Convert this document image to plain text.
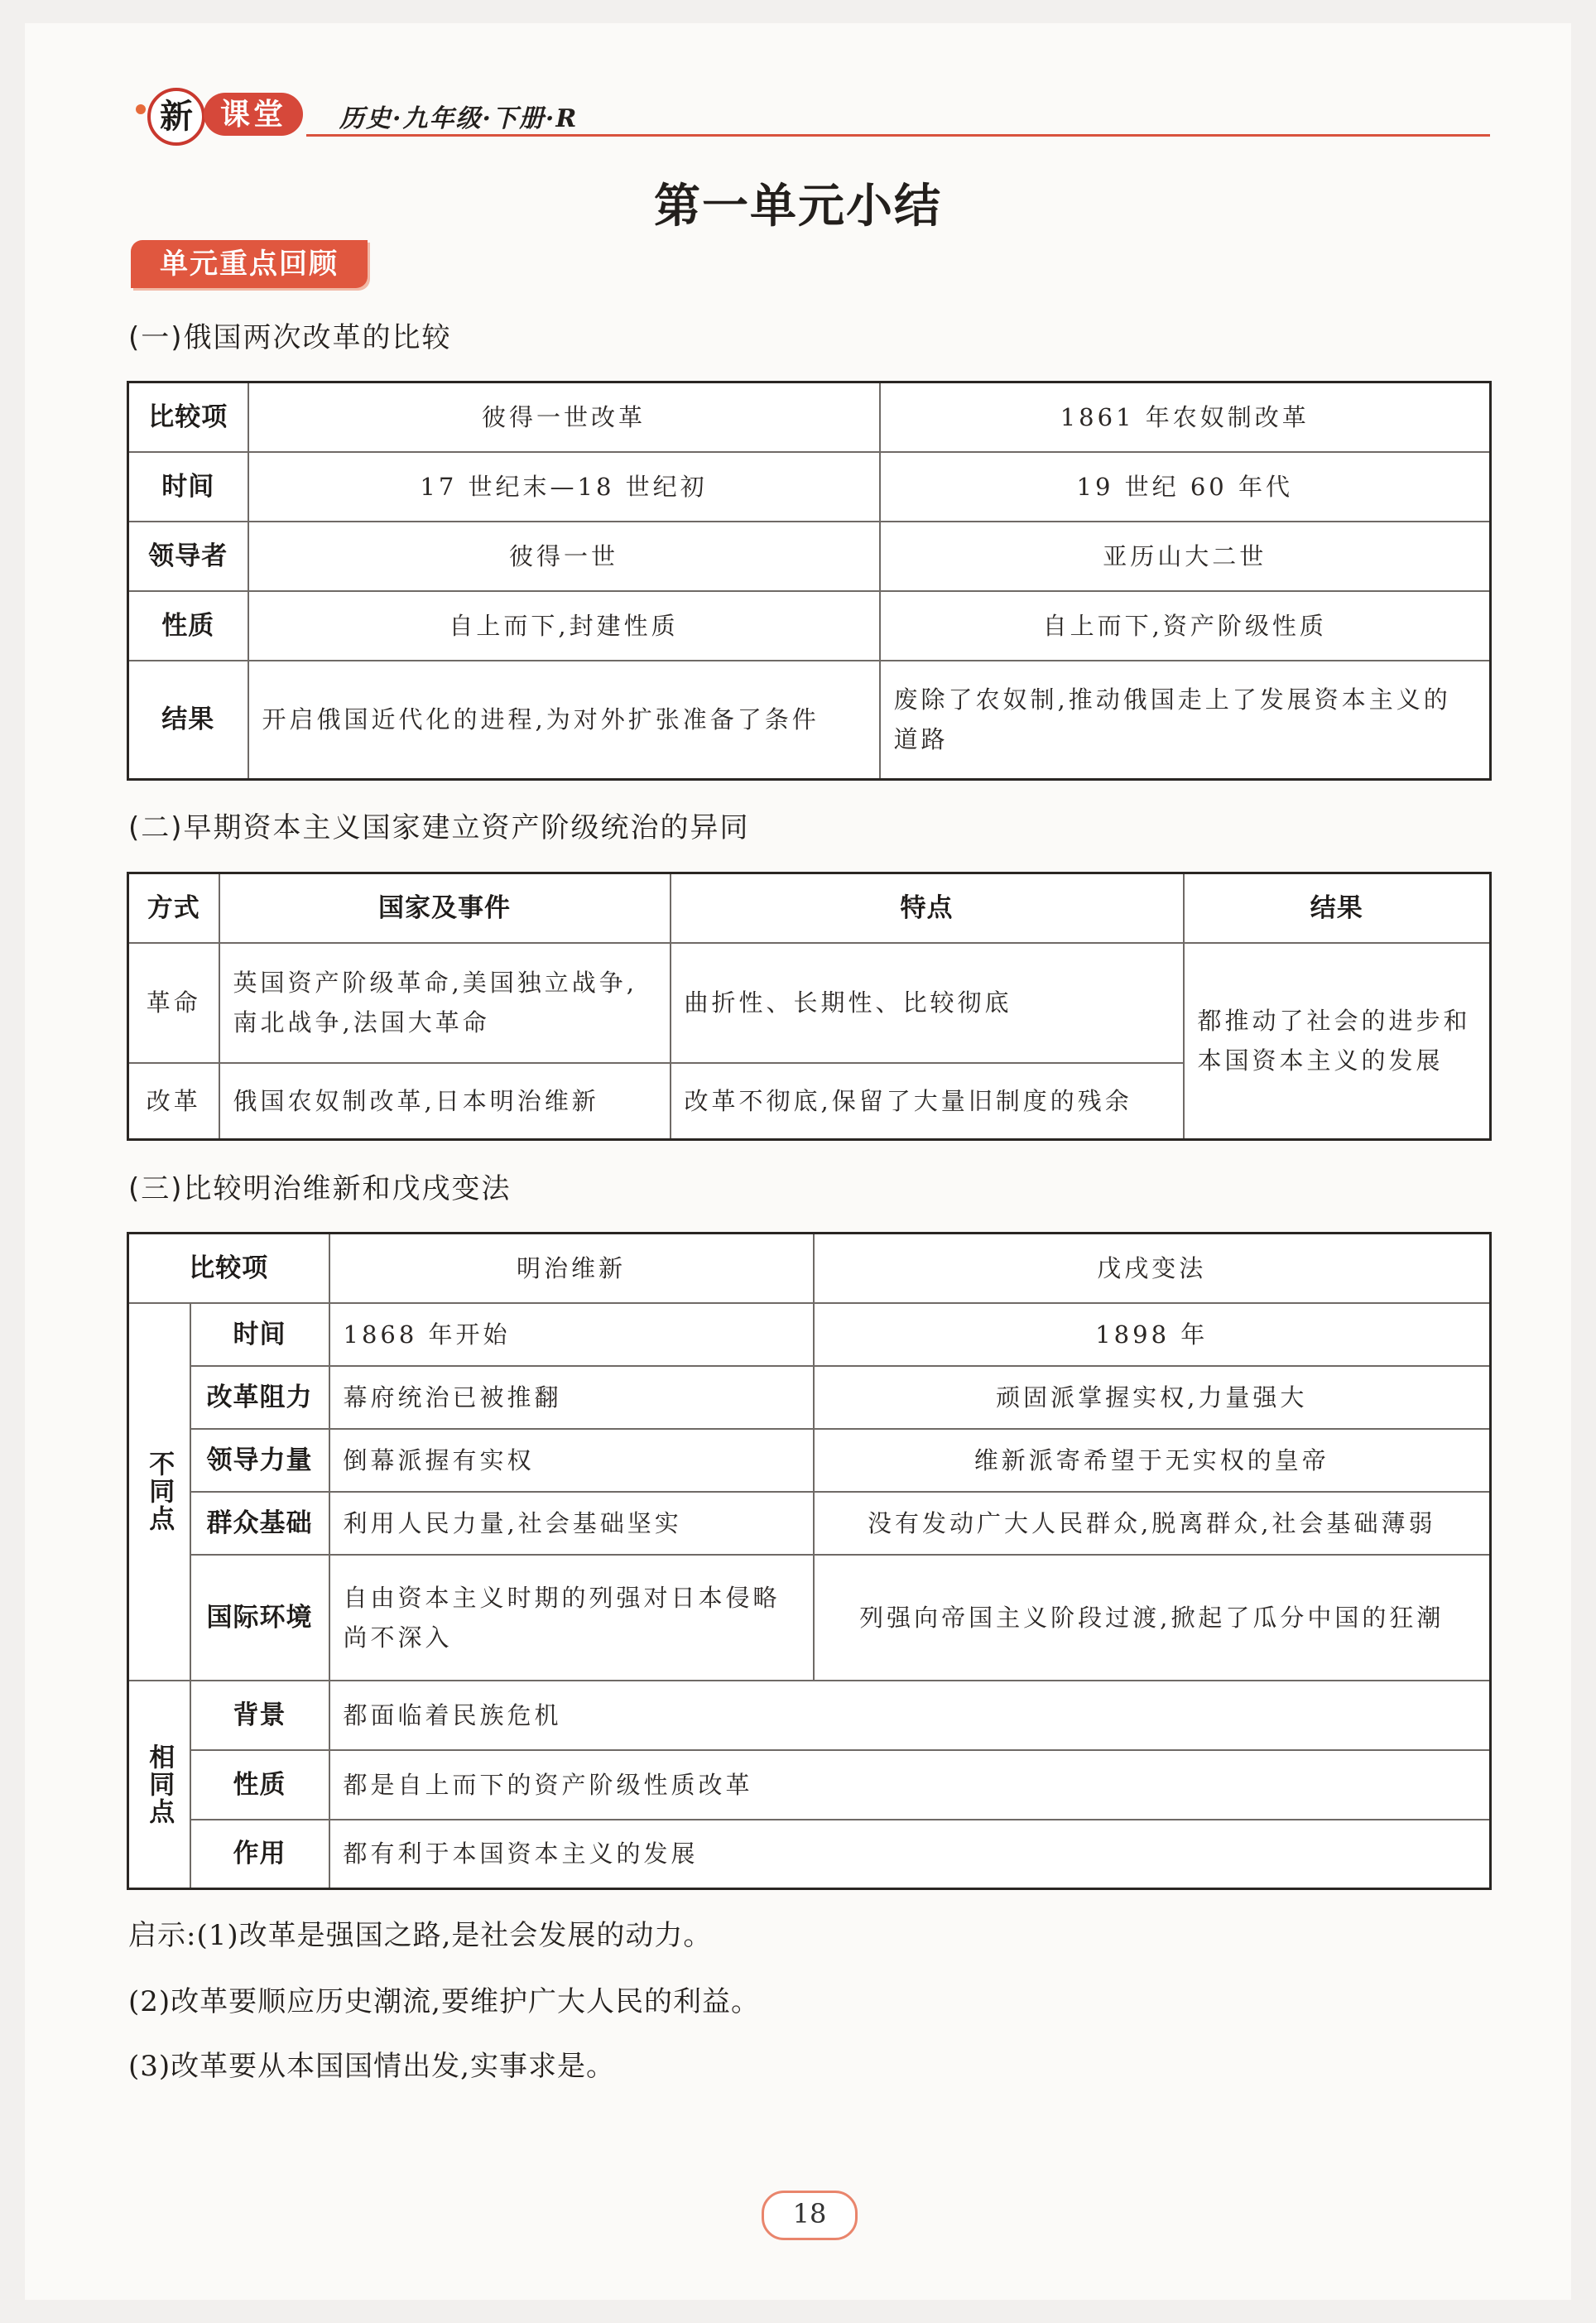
新 课堂	历史·九年级·下册·R
第一单元小结
单元重点回顾
(一)俄国两次改革的比较
比较项	彼得一世改革	1861 年农奴制改革
时间	17 世纪末—18 世纪初	19 世纪 60 年代
领导者	彼得一世	亚历山大二世
性质	自上而下,封建性质	自上而下,资产阶级性质
结果	开启俄国近代化的进程,为对外扩张准备了条件	废除了农奴制,推动俄国走上了发展资本主义的道路
(二)早期资本主义国家建立资产阶级统治的异同
方式	国家及事件	特点	结果
革命	英国资产阶级革命,美国独立战争,南北战争,法国大革命	曲折性、长期性、比较彻底	都推动了社会的进步和本国资本主义的发展
改革	俄国农奴制改革,日本明治维新	改革不彻底,保留了大量旧制度的残余	
(三)比较明治维新和戊戌变法
比较项		明治维新	戊戌变法
不同点	时间	1868 年开始	1898 年
	改革阻力	幕府统治已被推翻	顽固派掌握实权,力量强大
	领导力量	倒幕派握有实权	维新派寄希望于无实权的皇帝
	群众基础	利用人民力量,社会基础坚实	没有发动广大人民群众,脱离群众,社会基础薄弱
	国际环境	自由资本主义时期的列强对日本侵略尚不深入	列强向帝国主义阶段过渡,掀起了瓜分中国的狂潮
相同点	背景	都面临着民族危机	
	性质	都是自上而下的资产阶级性质改革	
	作用	都有利于本国资本主义的发展	
启示:(1)改革是强国之路,是社会发展的动力。
(2)改革要顺应历史潮流,要维护广大人民的利益。
(3)改革要从本国国情出发,实事求是。
18
